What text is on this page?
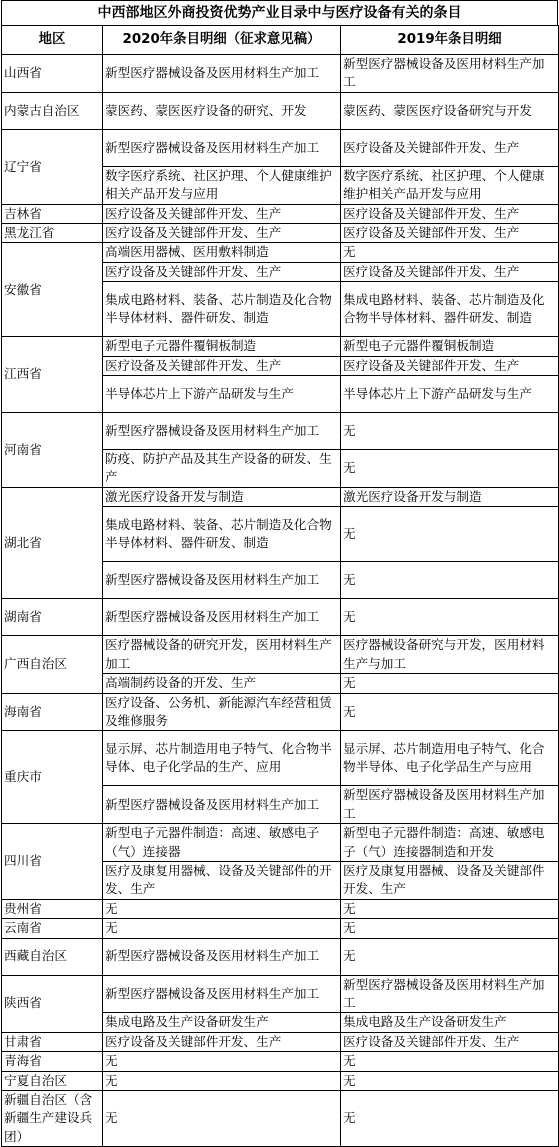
中西部地区外商投资优势产业目录中与医疗设备有关的条目
地区	2020年条目明细（征求意见稿）	2019年条目明细
山西省	新型医疗器械设备及医用材料生产加工	新型医疗器械设备及医用材料生产加工
内蒙古自治区	蒙医药、蒙医医疗设备的研究、开发	蒙医药、蒙医医疗设备研究与开发
辽宁省	新型医疗器械设备及医用材料生产加工	医疗设备及关键部件开发、生产
	数字医疗系统、社区护理、个人健康维护相关产品开发与应用	数字医疗系统、社区护理、个人健康维护相关产品开发与应用
吉林省	医疗设备及关键部件开发、生产	医疗设备及关键部件开发、生产
黑龙江省	医疗设备及关键部件开发、生产	医疗设备及关键部件开发、生产
安徽省	高端医用器械、医用敷料制造	无
	医疗设备及关键部件开发、生产	医疗设备及关键部件开发、生产
	集成电路材料、装备、芯片制造及化合物半导体材料、器件研发、制造	集成电路材料、装备、芯片制造及化合物半导体材料、器件研发、制造
江西省	新型电子元器件覆铜板制造	新型电子元器件覆铜板制造
	医疗设备及关键部件开发、生产	医疗设备及关键部件开发、生产
	半导体芯片上下游产品研发与生产	半导体芯片上下游产品研发与生产
河南省	新型医疗器械设备及医用材料生产加工	无
	防疫、防护产品及其生产设备的研发、生产	无
湖北省	激光医疗设备开发与制造	激光医疗设备开发与制造
	集成电路材料、装备、芯片制造及化合物半导体材料、器件研发、制造	无
	新型医疗器械设备及医用材料生产加工	无
湖南省	新型医疗器械设备及医用材料生产加工	无
广西自治区	医疗器械设备的研究开发，医用材料生产加工	医疗器械设备研究与开发，医用材料生产与加工
	高端制药设备的开发、生产	无
海南省	医疗设备、公务机、新能源汽车经营租赁及维修服务	无
重庆市	显示屏、芯片制造用电子特气、化合物半导体、电子化学品的生产、应用	显示屏、芯片制造用电子特气、化合物半导体、电子化学品生产与应用
	新型医疗器械设备及医用材料生产加工	新型医疗器械设备及医用材料生产加工
四川省	新型电子元器件制造：高速、敏感电子（气）连接器	新型电子元器件制造：高速、敏感电子（气）连接器制造和开发
	医疗及康复用器械、设备及关键部件的开发、生产	医疗及康复用器械、设备及关键部件开发、生产
贵州省	无	无
云南省	无	无
西藏自治区	新型医疗器械设备及医用材料生产加工	无
陕西省	新型医疗器械设备及医用材料生产加工	新型医疗器械设备及医用材料生产加工
	集成电路及生产设备研发生产	集成电路及生产设备研发生产
甘肃省	医疗设备及关键部件开发、生产	医疗设备及关键部件开发、生产
青海省	无	无
宁夏自治区	无	无
新疆自治区（含新疆生产建设兵团）	无	无
